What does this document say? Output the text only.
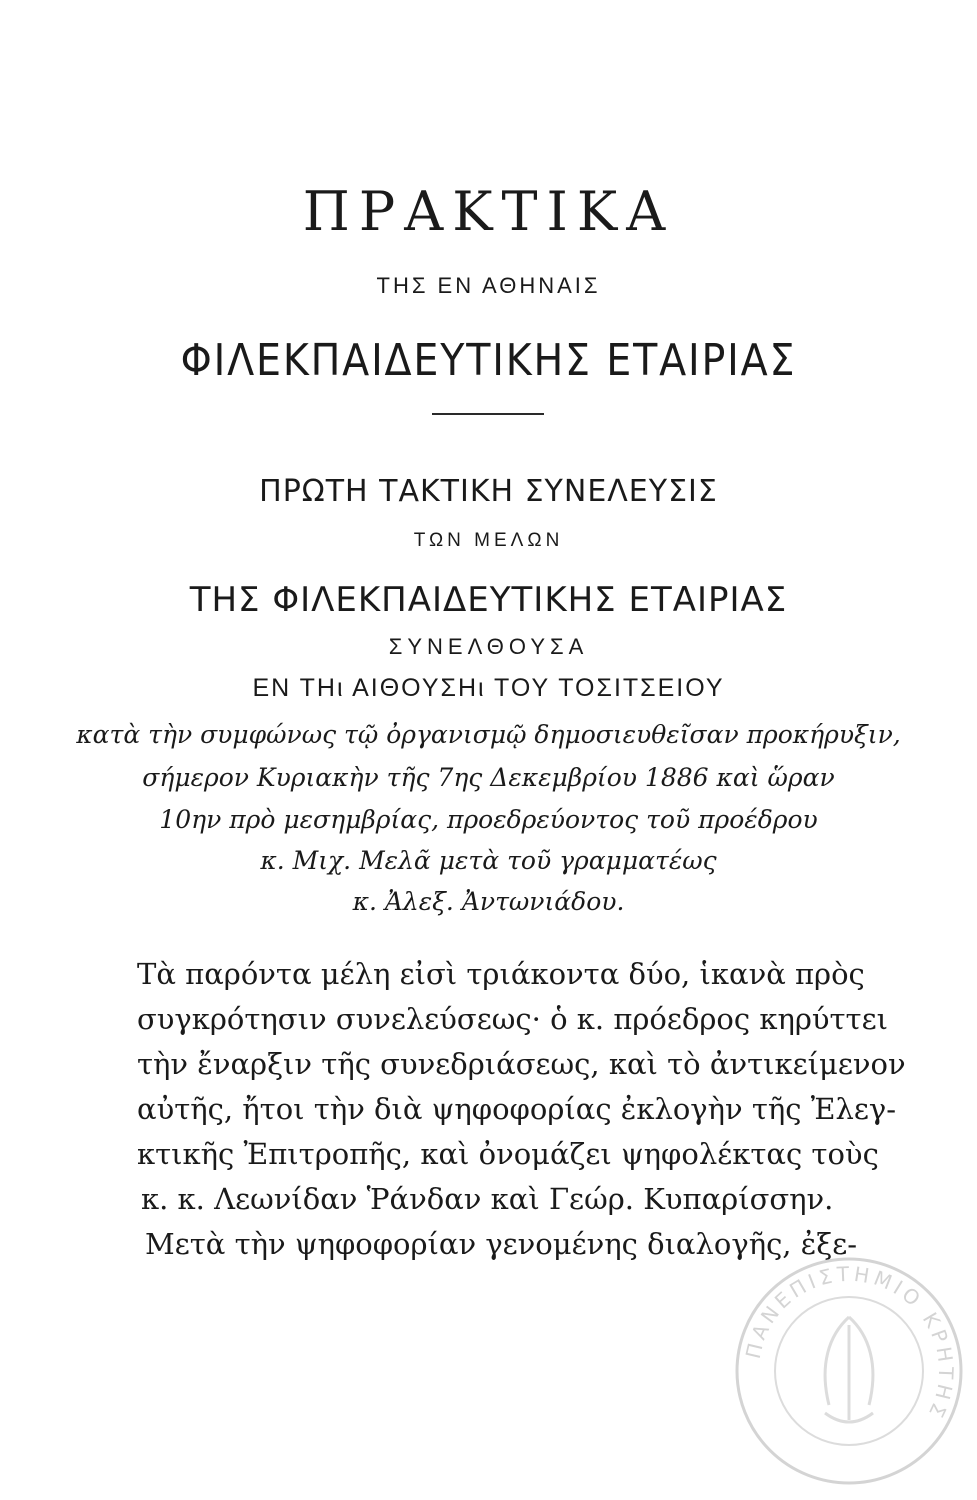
ΠΡΑΚΤΙΚΑ
ΤΗΣ ΕΝ ΑΘΗΝΑΙΣ
ΦΙΛΕΚΠΑΙΔΕΥΤΙΚΗΣ ΕΤΑΙΡΙΑΣ
ΠΡΩΤΗ ΤΑΚΤΙΚΗ ΣΥΝΕΛΕΥΣΙΣ
ΤΩΝ ΜΕΛΩΝ
ΤΗΣ ΦΙΛΕΚΠΑΙΔΕΥΤΙΚΗΣ ΕΤΑΙΡΙΑΣ
ΣΥΝΕΛΘΟΥΣΑ
ΕΝ ΤΗι ΑΙΘΟΥΣΗι ΤΟΥ ΤΟΣΙΤΣΕΙΟΥ
κατὰ τὴν συμφώνως τῷ ὀργανισμῷ δημοσιευθεῖσαν προκήρυξιν,
σήμερον Κυριακὴν τῆς 7ης Δεκεμβρίου 1886 καὶ ὥραν
10ην πρὸ μεσημβρίας, προεδρεύοντος τοῦ προέδρου
κ. Μιχ. Μελᾶ μετὰ τοῦ γραμματέως
κ. Ἀλεξ. Ἀντωνιάδου.
Τὰ παρόντα μέλη εἰσὶ τριάκοντα δύο, ἱκανὰ πρὸς
συγκρότησιν συνελεύσεως· ὁ κ. πρόεδρος κηρύττει
τὴν ἔναρξιν τῆς συνεδριάσεως, καὶ τὸ ἀντικείμενον
αὐτῆς, ἤτοι τὴν διὰ ψηφοφορίας ἐκλογὴν τῆς Ἐλεγ-
κτικῆς Ἐπιτροπῆς, καὶ ὀνομάζει ψηφολέκτας τοὺς
κ. κ. Λεωνίδαν Ῥάνδαν καὶ Γεώρ. Κυπαρίσσην.
Μετὰ τὴν ψηφοφορίαν γενομένης διαλογῆς, ἐξε-
ΠΑΝΕΠΙΣΤΗΜΙΟ ΚΡΗΤΗΣ
